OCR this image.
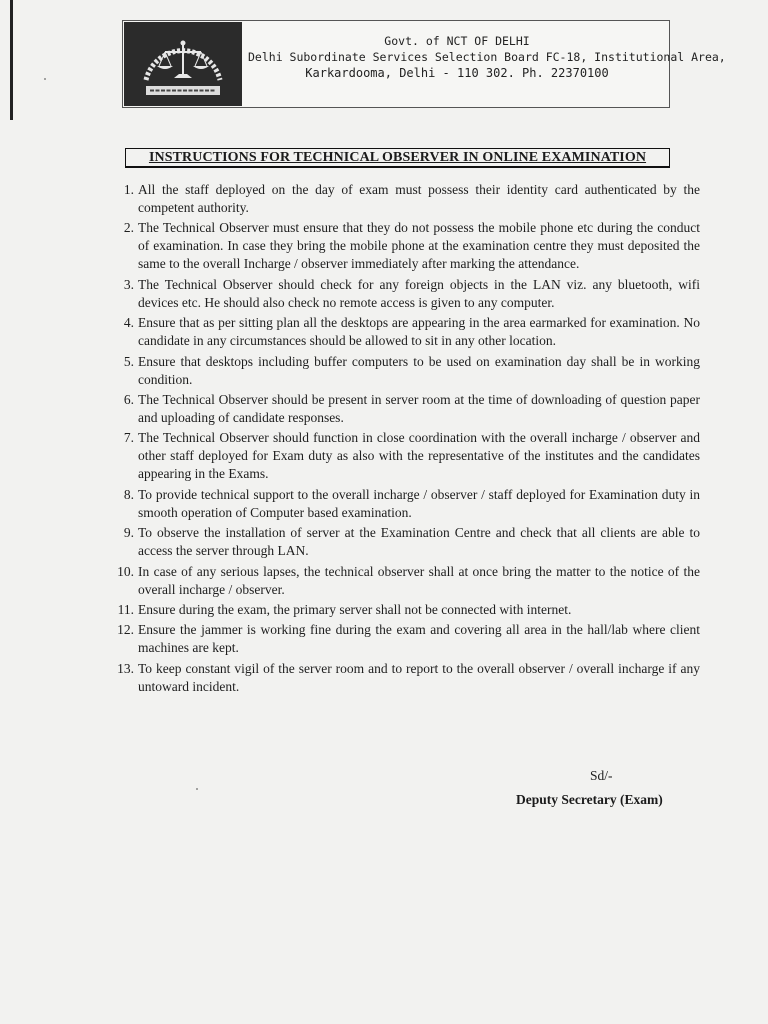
Govt. of NCT OF DELHI
Delhi Subordinate Services Selection Board FC-18, Institutional Area,
Karkardooma, Delhi - 110 302. Ph. 22370100
INSTRUCTIONS FOR TECHNICAL OBSERVER IN ONLINE EXAMINATION
1. All the staff deployed on the day of exam must possess their identity card authenticated by the competent authority.
2. The Technical Observer must ensure that they do not possess the mobile phone etc during the conduct of examination. In case they bring the mobile phone at the examination centre they must deposited the same to the overall Incharge / observer immediately after marking the attendance.
3. The Technical Observer should check for any foreign objects in the LAN viz. any bluetooth, wifi devices etc. He should also check no remote access is given to any computer.
4. Ensure that as per sitting plan all the desktops are appearing in the area earmarked for examination. No candidate in any circumstances should be allowed to sit in any other location.
5. Ensure that desktops including buffer computers to be used on examination day shall be in working condition.
6. The Technical Observer should be present in server room at the time of downloading of question paper and uploading of candidate responses.
7. The Technical Observer should function in close coordination with the overall incharge / observer and other staff deployed for Exam duty as also with the representative of the institutes and the candidates appearing in the Exams.
8. To provide technical support to the overall incharge / observer / staff deployed for Examination duty in smooth operation of Computer based examination.
9. To observe the installation of server at the Examination Centre and check that all clients are able to access the server through LAN.
10. In case of any serious lapses, the technical observer shall at once bring the matter to the notice of the overall incharge / observer.
11. Ensure during the exam, the primary server shall not be connected with internet.
12. Ensure the jammer is working fine during the exam and covering all area in the hall/lab where client machines are kept.
13. To keep constant vigil of the server room and to report to the overall observer / overall incharge if any untoward incident.
Sd/-
Deputy Secretary (Exam)
